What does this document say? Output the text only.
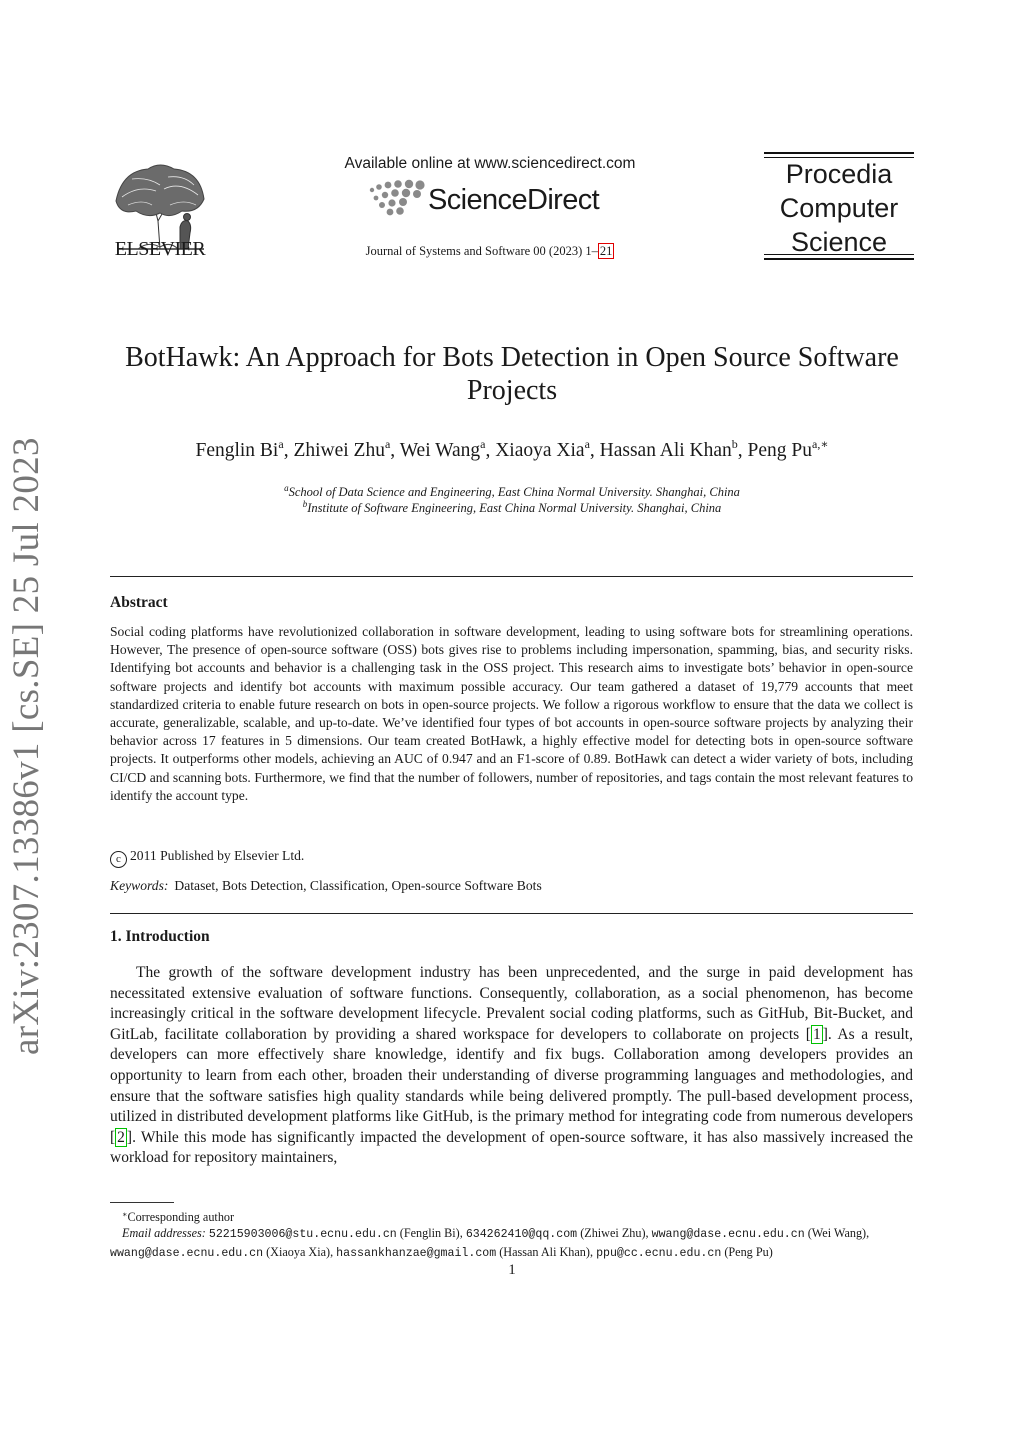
ELSEVIER
Available online at www.sciencedirect.com
ScienceDirect
Journal of Systems and Software 00 (2023) 1– 21
Procedia
Computer
Science
arXiv:2307.13386v1 [cs.SE] 25 Jul 2023
BotHawk: An Approach for Bots Detection in Open Source Software Projects
Fenglin Bi$^a$, Zhiwei Zhu$^a$, Wei Wang$^a$, Xiaoya Xia$^a$, Hassan Ali Khan$^b$, Peng $Pu^{a,∗}$
$^a$School of Data Science and Engineering, East China Normal University. Shanghai, China
$^b$Institute of Software Engineering, East China Normal University. Shanghai, China
Abstract
Social coding platforms have revolutionized collaboration in software development, leading to using software bots for streamlining operations. However, The presence of open-source software (OSS) bots gives rise to problems including impersonation, spamming, bias, and security risks. Identifying bot accounts and behavior is a challenging task in the OSS project. This research aims to investigate bots’ behavior in open-source software projects and identify bot accounts with maximum possible accuracy. Our team gathered a dataset of 19,779 accounts that meet standardized criteria to enable future research on bots in open-source projects. We follow a rigorous workflow to ensure that the data we collect is accurate, generalizable, scalable, and up-to-date. We’ve identified four types of bot accounts in open-source software projects by analyzing their behavior across 17 features in 5 dimensions. Our team created BotHawk, a highly effective model for detecting bots in open-source software projects. It outperforms other models, achieving an AUC of 0.947 and an F1-score of 0.89. BotHawk can detect a wider variety of bots, including CI/CD and scanning bots. Furthermore, we find that the number of followers, number of repositories, and tags contain the most relevant features to identify the account type.
c 2011 Published by Elsevier Ltd.
Keywords: Dataset, Bots Detection, Classification, Open-source Software Bots
1. Introduction
The growth of the software development industry has been unprecedented, and the surge in paid development has necessitated extensive evaluation of software functions. Consequently, collaboration, as a social phenomenon, has become increasingly critical in the software development lifecycle. Prevalent social coding platforms, such as GitHub, Bit-Bucket, and GitLab, facilitate collaboration by providing a shared workspace for developers to collaborate on projects [ 1 ]. As a result, developers can more effectively share knowledge, identify and fix bugs. Collaboration among developers provides an opportunity to learn from each other, broaden their understanding of diverse programming languages and methodologies, and ensure that the software satisfies high quality standards while being delivered promptly. The pull-based development process, utilized in distributed development platforms like GitHub, is the primary method for integrating code from numerous developers [ 2 ]. While this mode has significantly impacted the development of open-source software, it has also massively increased the workload for repository maintainers,
∗Corresponding author
Email addresses: 52215903006@stu.ecnu.edu.cn (Fenglin Bi), 634262410@qq.com (Zhiwei Zhu), wwang@dase.ecnu.edu.cn (Wei Wang), wwang@dase.ecnu.edu.cn (Xiaoya Xia), hassankhanzae@gmail.com (Hassan Ali Khan), ppu@cc.ecnu.edu.cn (Peng Pu)
1
